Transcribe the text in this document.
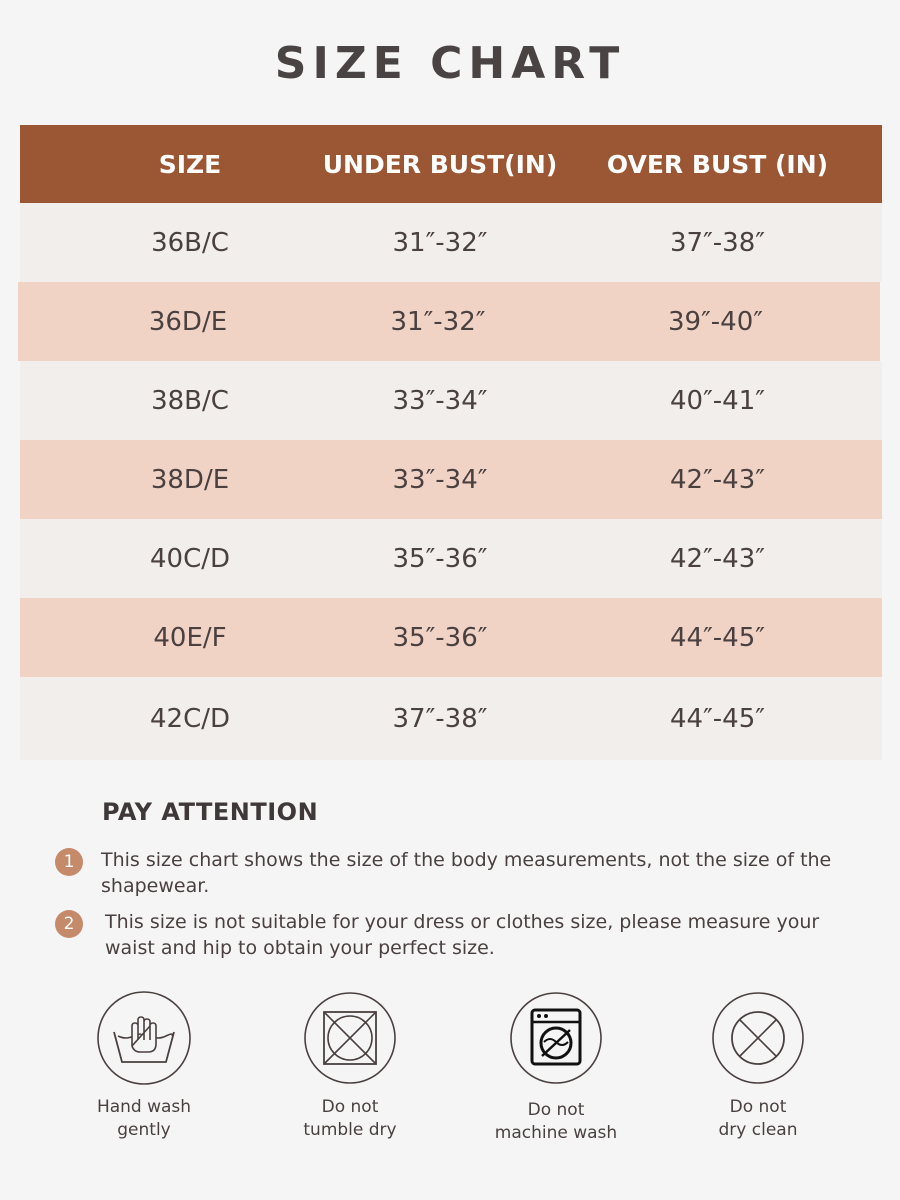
SIZE CHART
SIZE	UNDER BUST(IN)	OVER BUST (IN)
36B/C	31″-32″	37″-38″
36D/E	31″-32″	39″-40″
38B/C	33″-34″	40″-41″
38D/E	33″-34″	42″-43″
40C/D	35″-36″	42″-43″
40E/F	35″-36″	44″-45″
42C/D	37″-38″	44″-45″
PAY ATTENTION
1	This size chart shows the size of the body measurements, not the size of the shapewear.
2	This size is not suitable for your dress or clothes size, please measure your waist and hip to obtain your perfect size.
Hand wash
gently
Do not
tumble dry
Do not
machine wash
Do not
dry clean
